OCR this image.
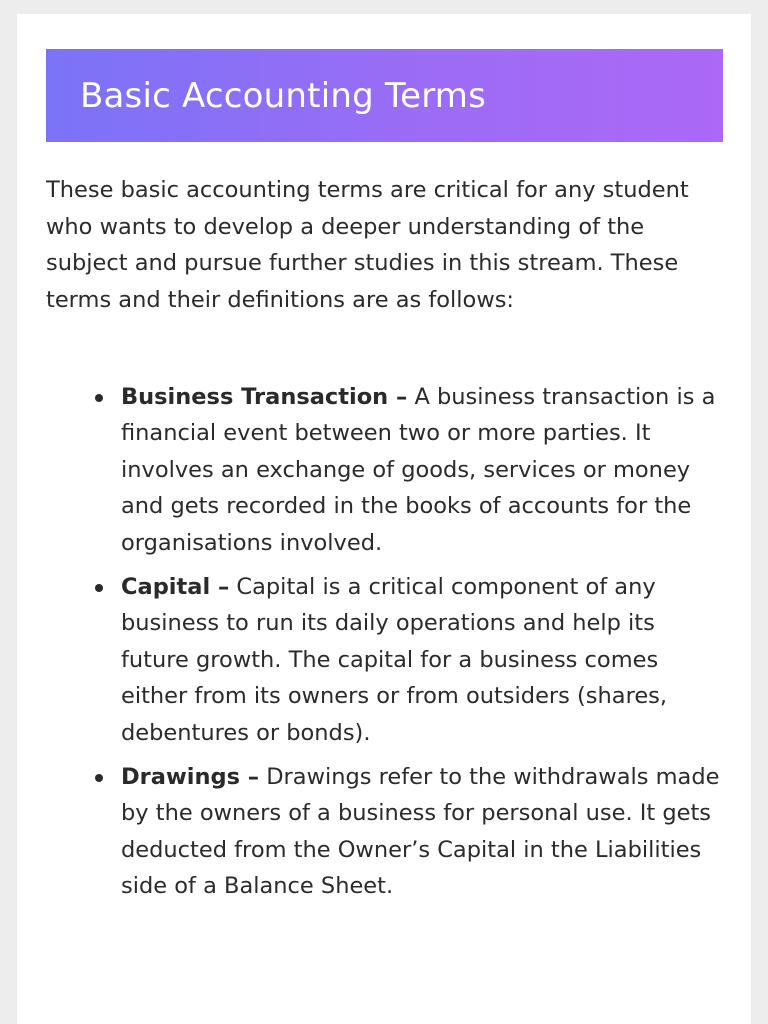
Basic Accounting Terms

These basic accounting terms are critical for any student who wants to develop a deeper understanding of the subject and pursue further studies in this stream. These terms and their definitions are as follows:

Business Transaction – A business transaction is a financial event between two or more parties. It involves an exchange of goods, services or money and gets recorded in the books of accounts for the organisations involved.
Capital – Capital is a critical component of any business to run its daily operations and help its future growth. The capital for a business comes either from its owners or from outsiders (shares, debentures or bonds).
Drawings – Drawings refer to the withdrawals made by the owners of a business for personal use. It gets deducted from the Owner’s Capital in the Liabilities side of a Balance Sheet.
